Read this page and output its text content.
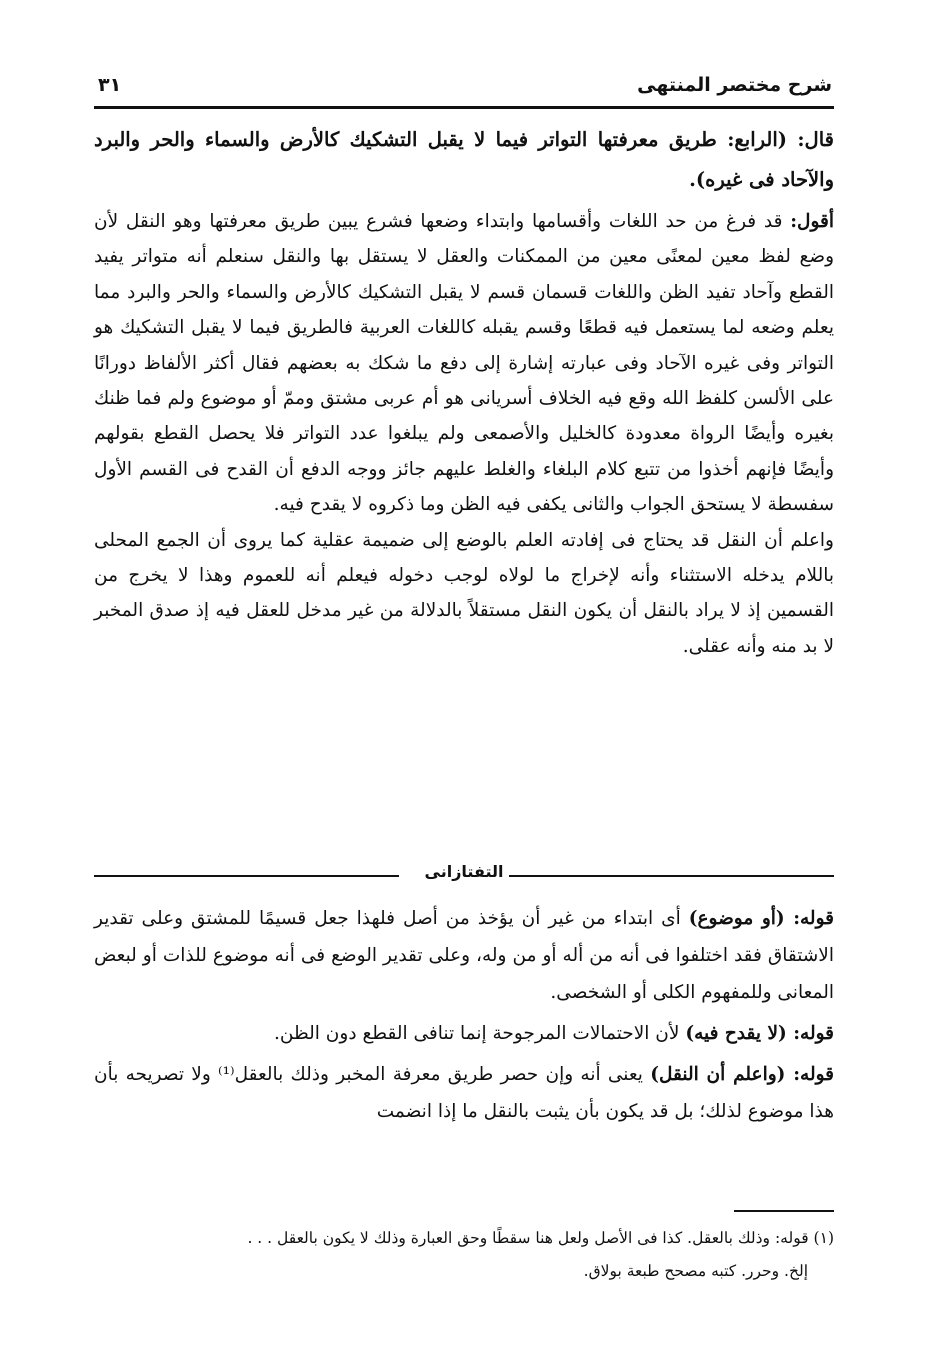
شرح مختصر المنتهى
٣١

قال: (الرابع: طريق معرفتها التواتر فيما لا يقبل التشكيك كالأرض والسماء والحر والبرد والآحاد فى غيره).

أقول: قد فرغ من حد اللغات وأقسامها وابتداء وضعها فشرع يبين طريق معرفتها وهو النقل لأن وضع لفظ معين لمعنًى معين من الممكنات والعقل لا يستقل بها والنقل سنعلم أنه متواتر يفيد القطع وآحاد تفيد الظن واللغات قسمان قسم لا يقبل التشكيك كالأرض والسماء والحر والبرد مما يعلم وضعه لما يستعمل فيه قطعًا وقسم يقبله كاللغات العربية فالطريق فيما لا يقبل التشكيك هو التواتر وفى غيره الآحاد وفى عبارته إشارة إلى دفع ما شكك به بعضهم فقال أكثر الألفاظ دورانًا على الألسن كلفظ الله وقع فيه الخلاف أسريانى هو أم عربى مشتق وممّ أو موضوع ولم فما ظنك بغيره وأيضًا الرواة معدودة كالخليل والأصمعى ولم يبلغوا عدد التواتر فلا يحصل القطع بقولهم وأيضًا فإنهم أخذوا من تتبع كلام البلغاء والغلط عليهم جائز ووجه الدفع أن القدح فى القسم الأول سفسطة لا يستحق الجواب والثانى يكفى فيه الظن وما ذكروه لا يقدح فيه.

واعلم أن النقل قد يحتاج فى إفادته العلم بالوضع إلى ضميمة عقلية كما يروى أن الجمع المحلى باللام يدخله الاستثناء وأنه لإخراج ما لولاه لوجب دخوله فيعلم أنه للعموم وهذا لا يخرج من القسمين إذ لا يراد بالنقل أن يكون النقل مستقلاً بالدلالة من غير مدخل للعقل فيه إذ صدق المخبر لا بد منه وأنه عقلى.

التفتازانى

قوله: (أو موضوع) أى ابتداء من غير أن يؤخذ من أصل فلهذا جعل قسيمًا للمشتق وعلى تقدير الاشتقاق فقد اختلفوا فى أنه من أله أو من وله، وعلى تقدير الوضع فى أنه موضوع للذات أو لبعض المعانى وللمفهوم الكلى أو الشخصى.

قوله: (لا يقدح فيه) لأن الاحتمالات المرجوحة إنما تنافى القطع دون الظن.

قوله: (واعلم أن النقل) يعنى أنه وإن حصر طريق معرفة المخبر وذلك بالعقل⁽¹⁾ ولا تصريحه بأن هذا موضوع لذلك؛ بل قد يكون بأن يثبت بالنقل ما إذا انضمت

(١) قوله: وذلك بالعقل. كذا فى الأصل ولعل هنا سقطًا وحق العبارة وذلك لا يكون بالعقل . . .

إلخ. وحرر. كتبه مصحح طبعة بولاق.
